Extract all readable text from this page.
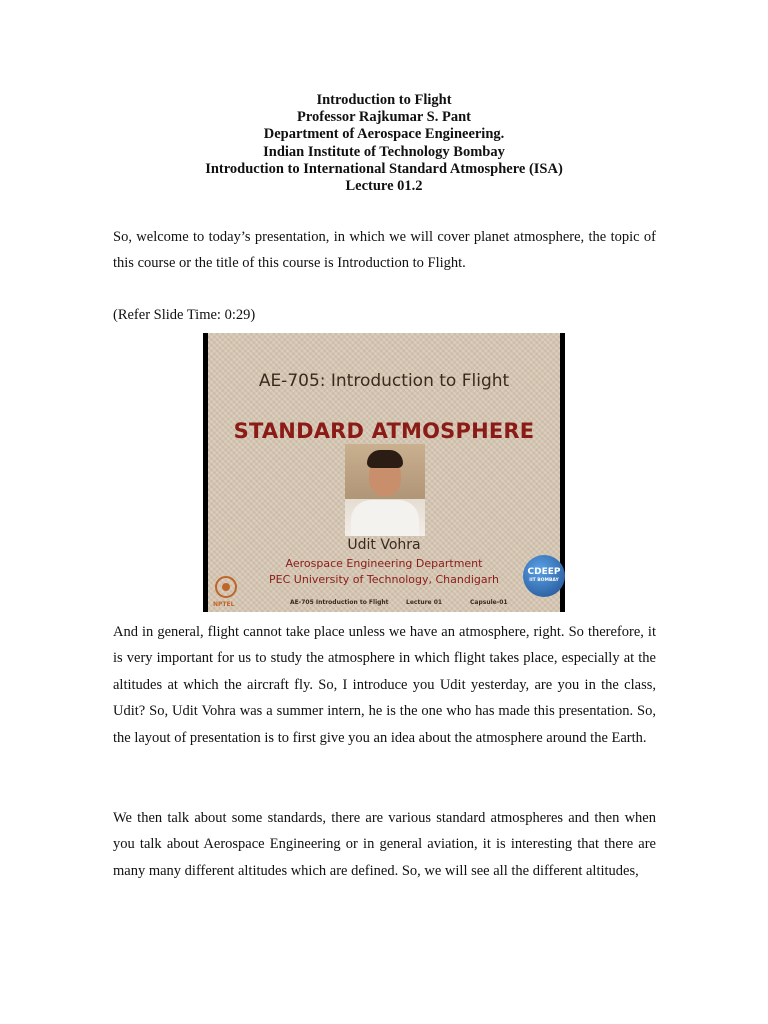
Introduction to Flight
Professor Rajkumar S. Pant
Department of Aerospace Engineering.
Indian Institute of Technology Bombay
Introduction to International Standard Atmosphere (ISA)
Lecture 01.2
So, welcome to today’s presentation, in which we will cover planet atmosphere, the topic of this course or the title of this course is Introduction to Flight.
(Refer Slide Time: 0:29)
AE-705: Introduction to Flight
STANDARD ATMOSPHERE
Udit Vohra
Aerospace Engineering Department
PEC University of Technology, Chandigarh
NPTEL	AE-705 Introduction to Flight	Lecture 01	Capsule-01
CDEEP
IIT BOMBAY
And in general, flight cannot take place unless we have an atmosphere, right. So therefore, it is very important for us to study the atmosphere in which flight takes place, especially at the altitudes at which the aircraft fly. So, I introduce you Udit yesterday, are you in the class, Udit? So, Udit Vohra was a summer intern, he is the one who has made this presentation. So, the layout of presentation is to first give you an idea about the atmosphere around the Earth.
We then talk about some standards, there are various standard atmospheres and then when you talk about Aerospace Engineering or in general aviation, it is interesting that there are many many different altitudes which are defined. So, we will see all the different altitudes,
